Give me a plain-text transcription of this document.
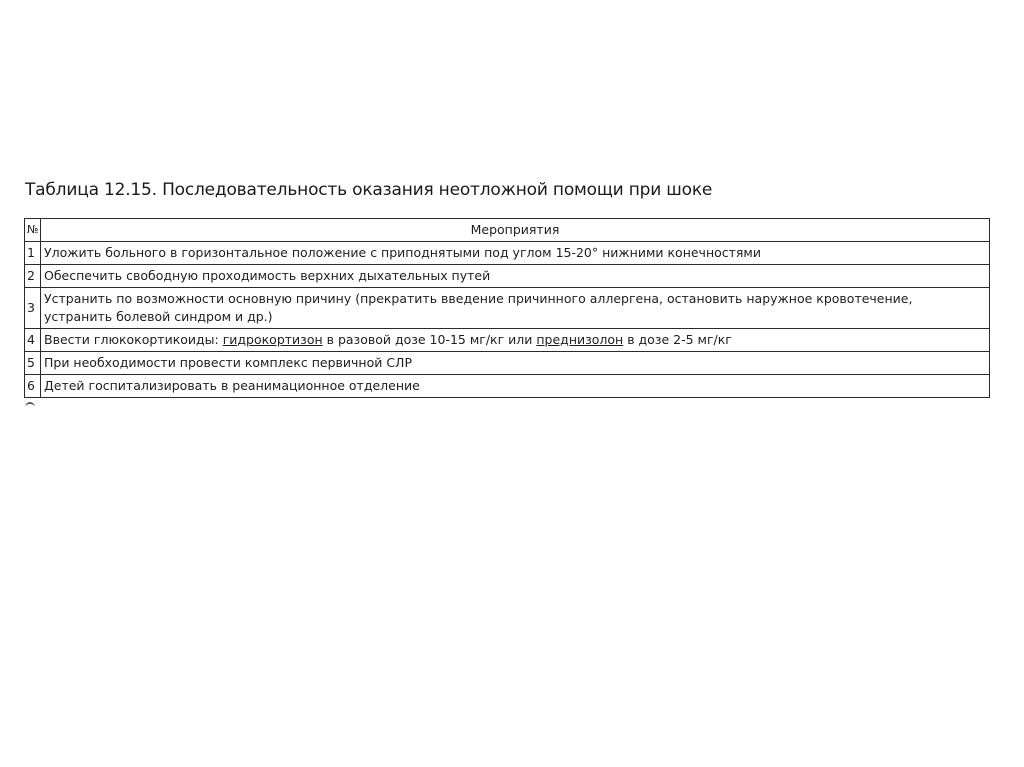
Таблица 12.15. Последовательность оказания неотложной помощи при шоке
№	Мероприятия
1	Уложить больного в горизонтальное положение с приподнятыми под углом 15-20° нижними конечностями
2	Обеспечить свободную проходимость верхних дыхательных путей
3	Устранить по возможности основную причину (прекратить введение причинного аллергена, остановить наружное кровотечение,
устранить болевой синдром и др.)
4	Ввести глюкокортикоиды: гидрокортизон в разовой дозе 10-15 мг/кг или преднизолон в дозе 2-5 мг/кг
5	При необходимости провести комплекс первичной СЛР
6	Детей госпитализировать в реанимационное отделение
